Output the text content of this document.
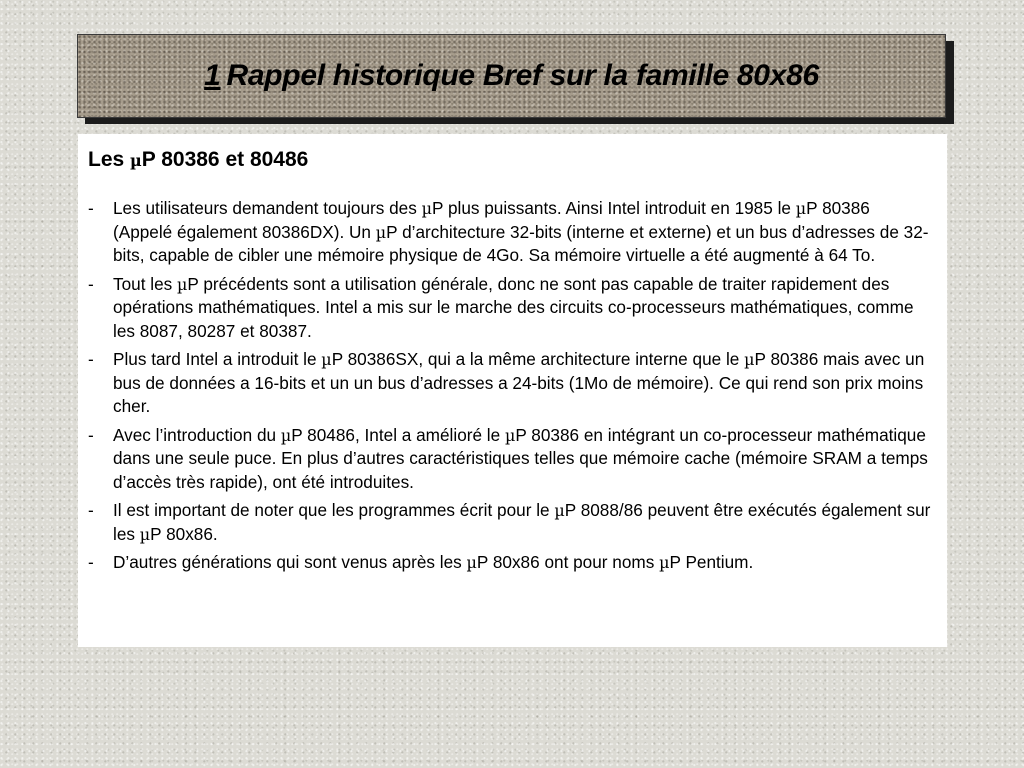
1 Rappel historique Bref sur la famille 80x86
Les µP 80386 et 80486
-	Les utilisateurs demandent toujours des µP plus puissants. Ainsi Intel introduit en 1985 le µP 80386 (Appelé également 80386DX). Un µP d’architecture 32-bits (interne et externe) et un bus d’adresses de 32-bits, capable de cibler une mémoire physique de 4Go. Sa mémoire virtuelle a été augmenté à 64 To.
-	Tout les µP précédents sont a utilisation générale, donc ne sont pas capable de traiter rapidement des opérations mathématiques. Intel a mis sur le marche des circuits co-processeurs mathématiques, comme les 8087, 80287 et 80387.
-	Plus tard Intel a introduit le µP 80386SX, qui a la même architecture interne que le µP 80386 mais avec un bus de données a 16-bits et un un bus d’adresses a 24-bits (1Mo de mémoire). Ce qui rend son prix moins cher.
-	Avec l’introduction du µP 80486, Intel a amélioré le µP 80386 en intégrant un co-processeur mathématique dans une seule puce. En plus d’autres caractéristiques telles que mémoire cache (mémoire SRAM a temps d’accès très rapide), ont été introduites.
-	Il est important de noter que les programmes écrit pour le µP 8088/86 peuvent être exécutés également sur les µP 80x86.
-	D’autres générations qui sont venus après les µP 80x86 ont pour noms µP Pentium.
